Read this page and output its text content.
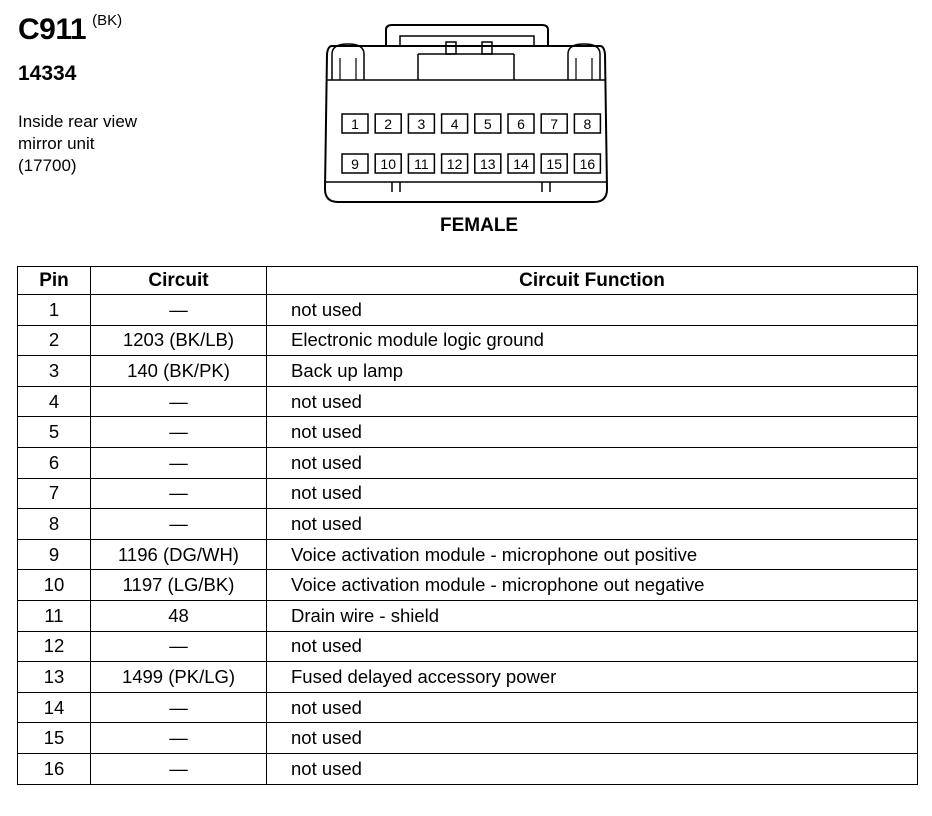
C911 (BK)
14334
Inside rear view
mirror unit
(17700)
1 2 3 4 5 6 7 8
9 10 11 12 13 14 15 16
FEMALE
Pin	Circuit	Circuit Function
1	—	not used
2	1203 (BK/LB)	Electronic module logic ground
3	140 (BK/PK)	Back up lamp
4	—	not used
5	—	not used
6	—	not used
7	—	not used
8	—	not used
9	1196 (DG/WH)	Voice activation module - microphone out positive
10	1197 (LG/BK)	Voice activation module - microphone out negative
11	48	Drain wire - shield
12	—	not used
13	1499 (PK/LG)	Fused delayed accessory power
14	—	not used
15	—	not used
16	—	not used
